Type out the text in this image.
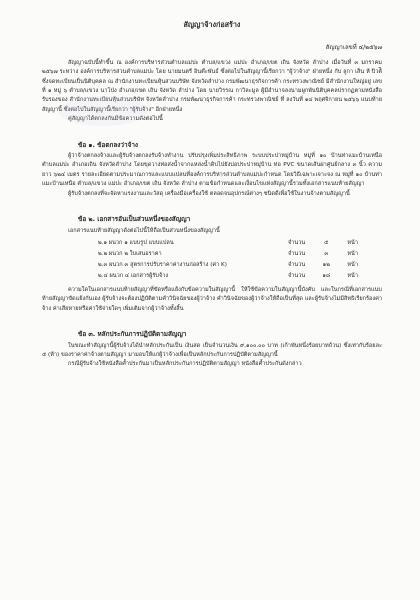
สัญญาจ้างก่อสร้าง
สัญญาเลขที่ ๔/๒๕๖๗

สัญญาฉบับนี้ทำขึ้น ณ องค์การบริหารส่วนตำบลแม่ปะ ตำบล/แขวง แม่ปะ อำเภอ/เขต เถิน จังหวัด ลำปาง เมื่อวันที่ ๓ มกราคม ๒๕๖๗ ระหว่าง องค์การบริหารส่วนตำบลแม่ปะ โดย นายมนตรี อินต๊ะพันธ์ ซึ่งต่อไปในสัญญานี้เรียกว่า "ผู้ว่าจ้าง" ฝ่ายหนึ่ง กับ ลูกา เส็น ห้ ปิวต้ิ ซึ่งจดทะเบียนเป็นนิติบุคคล ณ สำนักงานทะเบียนหุ้นส่วนบริษัท จังหวัดลำปาง กรมพัฒนาธุรกิจการค้า กระทรวงพาณิชย์ มีสำนักงานใหญ่อยู่ เลขที่ ๑ หมู่ ๖ ตำบล/แขวง นาโป่ง อำเภอ/เขต เถิน จังหวัด ลำปาง โดย นายวิรรณ กาวิละมูล ผู้มีอำนาจลงนามผูกพันนิติบุคคลปรากฏตามหนังสือรับรองของ สำนักงานทะเบียนหุ้นส่วนบริษัท จังหวัดลำปาง กรมพัฒนาธุรกิจการค้า กระทรวงพาณิชย์ ที่ ลงวันที่ ๑๔ พฤศจิกายน ๒๕๖๖ แนบท้ายสัญญานี้ ซึ่งต่อไปในสัญญานี้เรียกว่า "ผู้รับจ้าง" อีกฝ่ายหนึ่ง

คู่สัญญาได้ตกลงกันมีข้อความดังต่อไปนี้

ข้อ ๑. ข้อตกลงว่าจ้าง

ผู้ว่าจ้างตกลงจ้างและผู้รับจ้างตกลงรับจ้างทำงาน ปรับปรุงเพิ่มประสิทธิภาพ ระบบประปาหมู่บ้าน หมู่ที่ ๑๐ บ้านท่าแมะบ้านเหนือ ตำบลแม่ปะ อำเภอเถิน จังหวัดลำปาง โดยขุดวางท่อส่งน้ำจากแหล่งน้ำดิบไปยังบ่อประปาหมู่บ้าน ท่อ PVC ขนาดเส้นผ่าศูนย์กลาง ๓ นิ้ว ความยาว ๖๒๔ เมตร รายละเอียดตามประมาณการและแบบแปลนที่องค์การบริหารส่วนตำบลแม่ปะกำหนด โดยวิธีเฉพาะเจาะจง ณ หมู่ที่ ๑๐ บ้านท่าแมะบ้านเหนือ ตำบล/แขวง แม่ปะ อำเภอ/เขต เถิน จังหวัด ลำปาง ตามข้อกำหนดและเงื่อนไขแห่งสัญญานี้รวมทั้งเอกสารแนบท้ายสัญญา

ผู้รับจ้างตกลงที่จะจัดหาแรงงานและวัสดุ เครื่องมือเครื่องใช้ ตลอดจนอุปกรณ์ต่างๆ ชนิดดีเพื่อใช้ในงานจ้างตามสัญญานี้

ข้อ ๒. เอกสารอันเป็นส่วนหนึ่งของสัญญา

เอกสารแนบท้ายสัญญาดังต่อไปนี้ให้ถือเป็นส่วนหนึ่งของสัญญานี้

๒.๑ ผนวก ๑ แบบรูป แบบแปลน	จำนวน	๕	หน้า
๒.๒ ผนวก ๒ ใบเสนอราคา	จำนวน	๓	หน้า
๒.๓ ผนวก ๓ สูตรการปรับราคาค่างานก่อสร้าง (ค่า K)	จำนวน	๑๒	หน้า
๒.๔ ผนวก ๔ เอกสารผู้รับจ้าง	จำนวน	๑๘	หน้า

ความใดในเอกสารแนบท้ายสัญญาที่ขัดหรือแย้งกับข้อความในสัญญานี้ ให้ใช้ข้อความในสัญญานี้บังคับ และในกรณีที่เอกสารแนบท้ายสัญญาขัดแย้งกันเอง ผู้รับจ้างจะต้องปฏิบัติตามคำวินิจฉัยของผู้ว่าจ้าง คำวินิจฉัยของผู้ว่าจ้างให้ถือเป็นที่สุด และผู้รับจ้างไม่มีสิทธิเรียกร้องค่าจ้าง ค่าเสียหายหรือค่าใช้จ่ายใดๆ เพิ่มเติมจากผู้ว่าจ้างทั้งสิ้น

ข้อ ๓. หลักประกันการปฏิบัติตามสัญญา

ในขณะทำสัญญานี้ผู้รับจ้างได้นำหลักประกันเป็น เงินสด เป็นจำนวนเงิน ๙,๑๐๐.๐๐ บาท (เก้าพันหนึ่งร้อยบาทถ้วน) ซึ่งเท่ากับร้อยละ ๕ (ห้า) ของราคาค่าจ้างตามสัญญา มามอบให้แก่ผู้ว่าจ้างเพื่อเป็นหลักประกันการปฏิบัติตามสัญญานี้

กรณีผู้รับจ้างใช้หนังสือค้ำประกันมาเป็นหลักประกันการปฏิบัติตามสัญญา หนังสือค้ำประกันดังกล่าว
